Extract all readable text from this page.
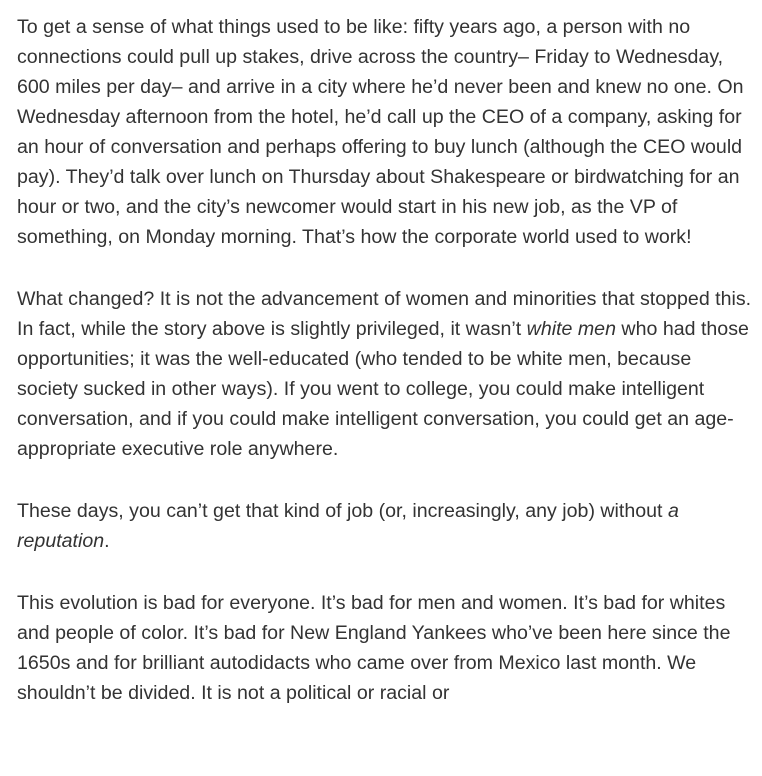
To get a sense of what things used to be like: fifty years ago, a person with no connections could pull up stakes, drive across the country– Friday to Wednesday, 600 miles per day– and arrive in a city where he’d never been and knew no one. On Wednesday afternoon from the hotel, he’d call up the CEO of a company, asking for an hour of conversation and perhaps offering to buy lunch (although the CEO would pay). They’d talk over lunch on Thursday about Shakespeare or birdwatching for an hour or two, and the city’s newcomer would start in his new job, as the VP of something, on Monday morning. That’s how the corporate world used to work!

What changed? It is not the advancement of women and minorities that stopped this. In fact, while the story above is slightly privileged, it wasn’t white men who had those opportunities; it was the well-educated (who tended to be white men, because society sucked in other ways). If you went to college, you could make intelligent conversation, and if you could make intelligent conversation, you could get an age-appropriate executive role anywhere.

These days, you can’t get that kind of job (or, increasingly, any job) without a reputation.

This evolution is bad for everyone. It’s bad for men and women. It’s bad for whites and people of color. It’s bad for New England Yankees who’ve been here since the 1650s and for brilliant autodidacts who came over from Mexico last month. We shouldn’t be divided. It is not a political or racial or
